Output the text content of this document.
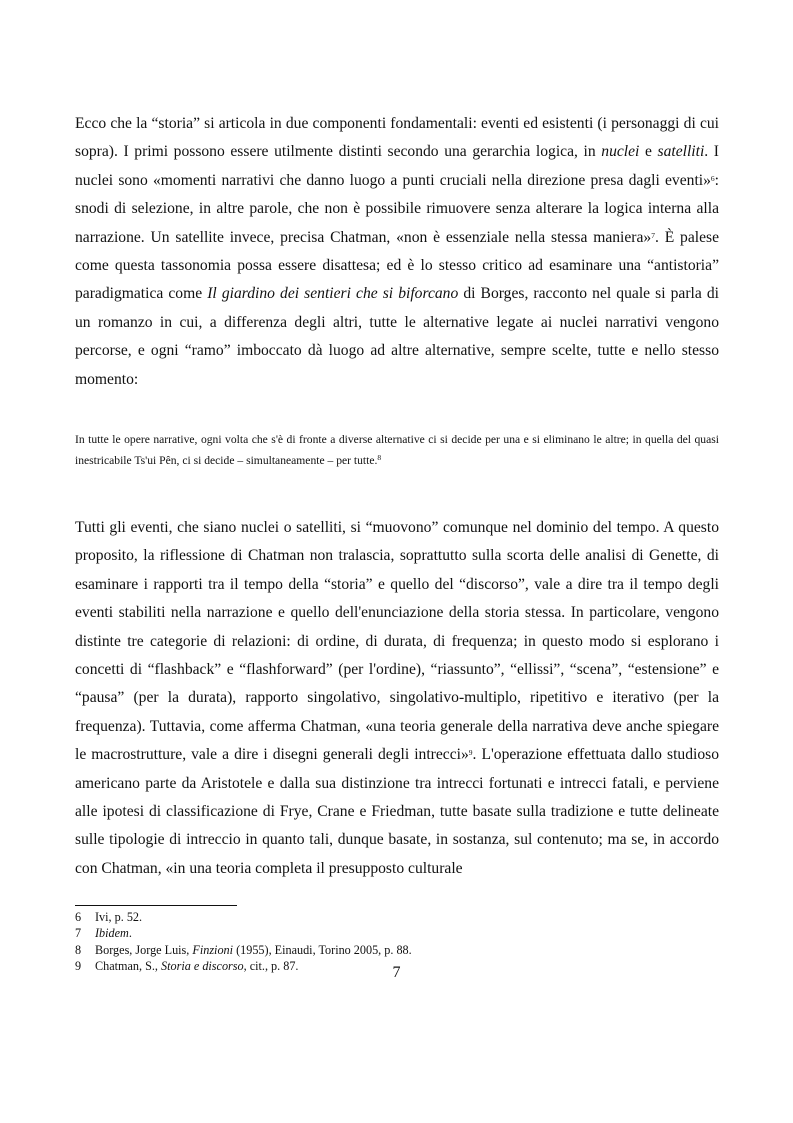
Ecco che la “storia” si articola in due componenti fondamentali: eventi ed esistenti (i personaggi di cui sopra). I primi possono essere utilmente distinti secondo una gerarchia logica, in nuclei e satelliti. I nuclei sono «momenti narrativi che danno luogo a punti cruciali nella direzione presa dagli eventi»$^6$: snodi di selezione, in altre parole, che non è possibile rimuovere senza alterare la logica interna alla narrazione. Un satellite invece, precisa Chatman, «non è essenziale nella stessa maniera»$^7$. È palese come questa tassonomia possa essere disattesa; ed è lo stesso critico ad esaminare una “antistoria” paradigmatica come Il giardino dei sentieri che si biforcano di Borges, racconto nel quale si parla di un romanzo in cui, a differenza degli altri, tutte le alternative legate ai nuclei narrativi vengono percorse, e ogni “ramo” imboccato dà luogo ad altre alternative, sempre scelte, tutte e nello stesso momento:

In tutte le opere narrative, ogni volta che s'è di fronte a diverse alternative ci si decide per una e si eliminano le altre; in quella del quasi inestricabile Ts'ui Pên, ci si decide – simultaneamente – per tutte.$^8$

Tutti gli eventi, che siano nuclei o satelliti, si “muovono” comunque nel dominio del tempo. A questo proposito, la riflessione di Chatman non tralascia, soprattutto sulla scorta delle analisi di Genette, di esaminare i rapporti tra il tempo della “storia” e quello del “discorso”, vale a dire tra il tempo degli eventi stabiliti nella narrazione e quello dell'enunciazione della storia stessa. In particolare, vengono distinte tre categorie di relazioni: di ordine, di durata, di frequenza; in questo modo si esplorano i concetti di “flashback” e “flashforward” (per l'ordine), “riassunto”, “ellissi”, “scena”, “estensione” e “pausa” (per la durata), rapporto singolativo, singolativo-multiplo, ripetitivo e iterativo (per la frequenza). Tuttavia, come afferma Chatman, «una teoria generale della narrativa deve anche spiegare le macrostrutture, vale a dire i disegni generali degli intrecci»$^9$. L'operazione effettuata dallo studioso americano parte da Aristotele e dalla sua distinzione tra intrecci fortunati e intrecci fatali, e perviene alle ipotesi di classificazione di Frye, Crane e Friedman, tutte basate sulla tradizione e tutte delineate sulle tipologie di intreccio in quanto tali, dunque basate, in sostanza, sul contenuto; ma se, in accordo con Chatman, «in una teoria completa il presupposto culturale

6	Ivi, p. 52.
7	Ibidem.
8	Borges, Jorge Luis, Finzioni (1955), Einaudi, Torino 2005, p. 88.
9	Chatman, S., Storia e discorso, cit., p. 87.	7
